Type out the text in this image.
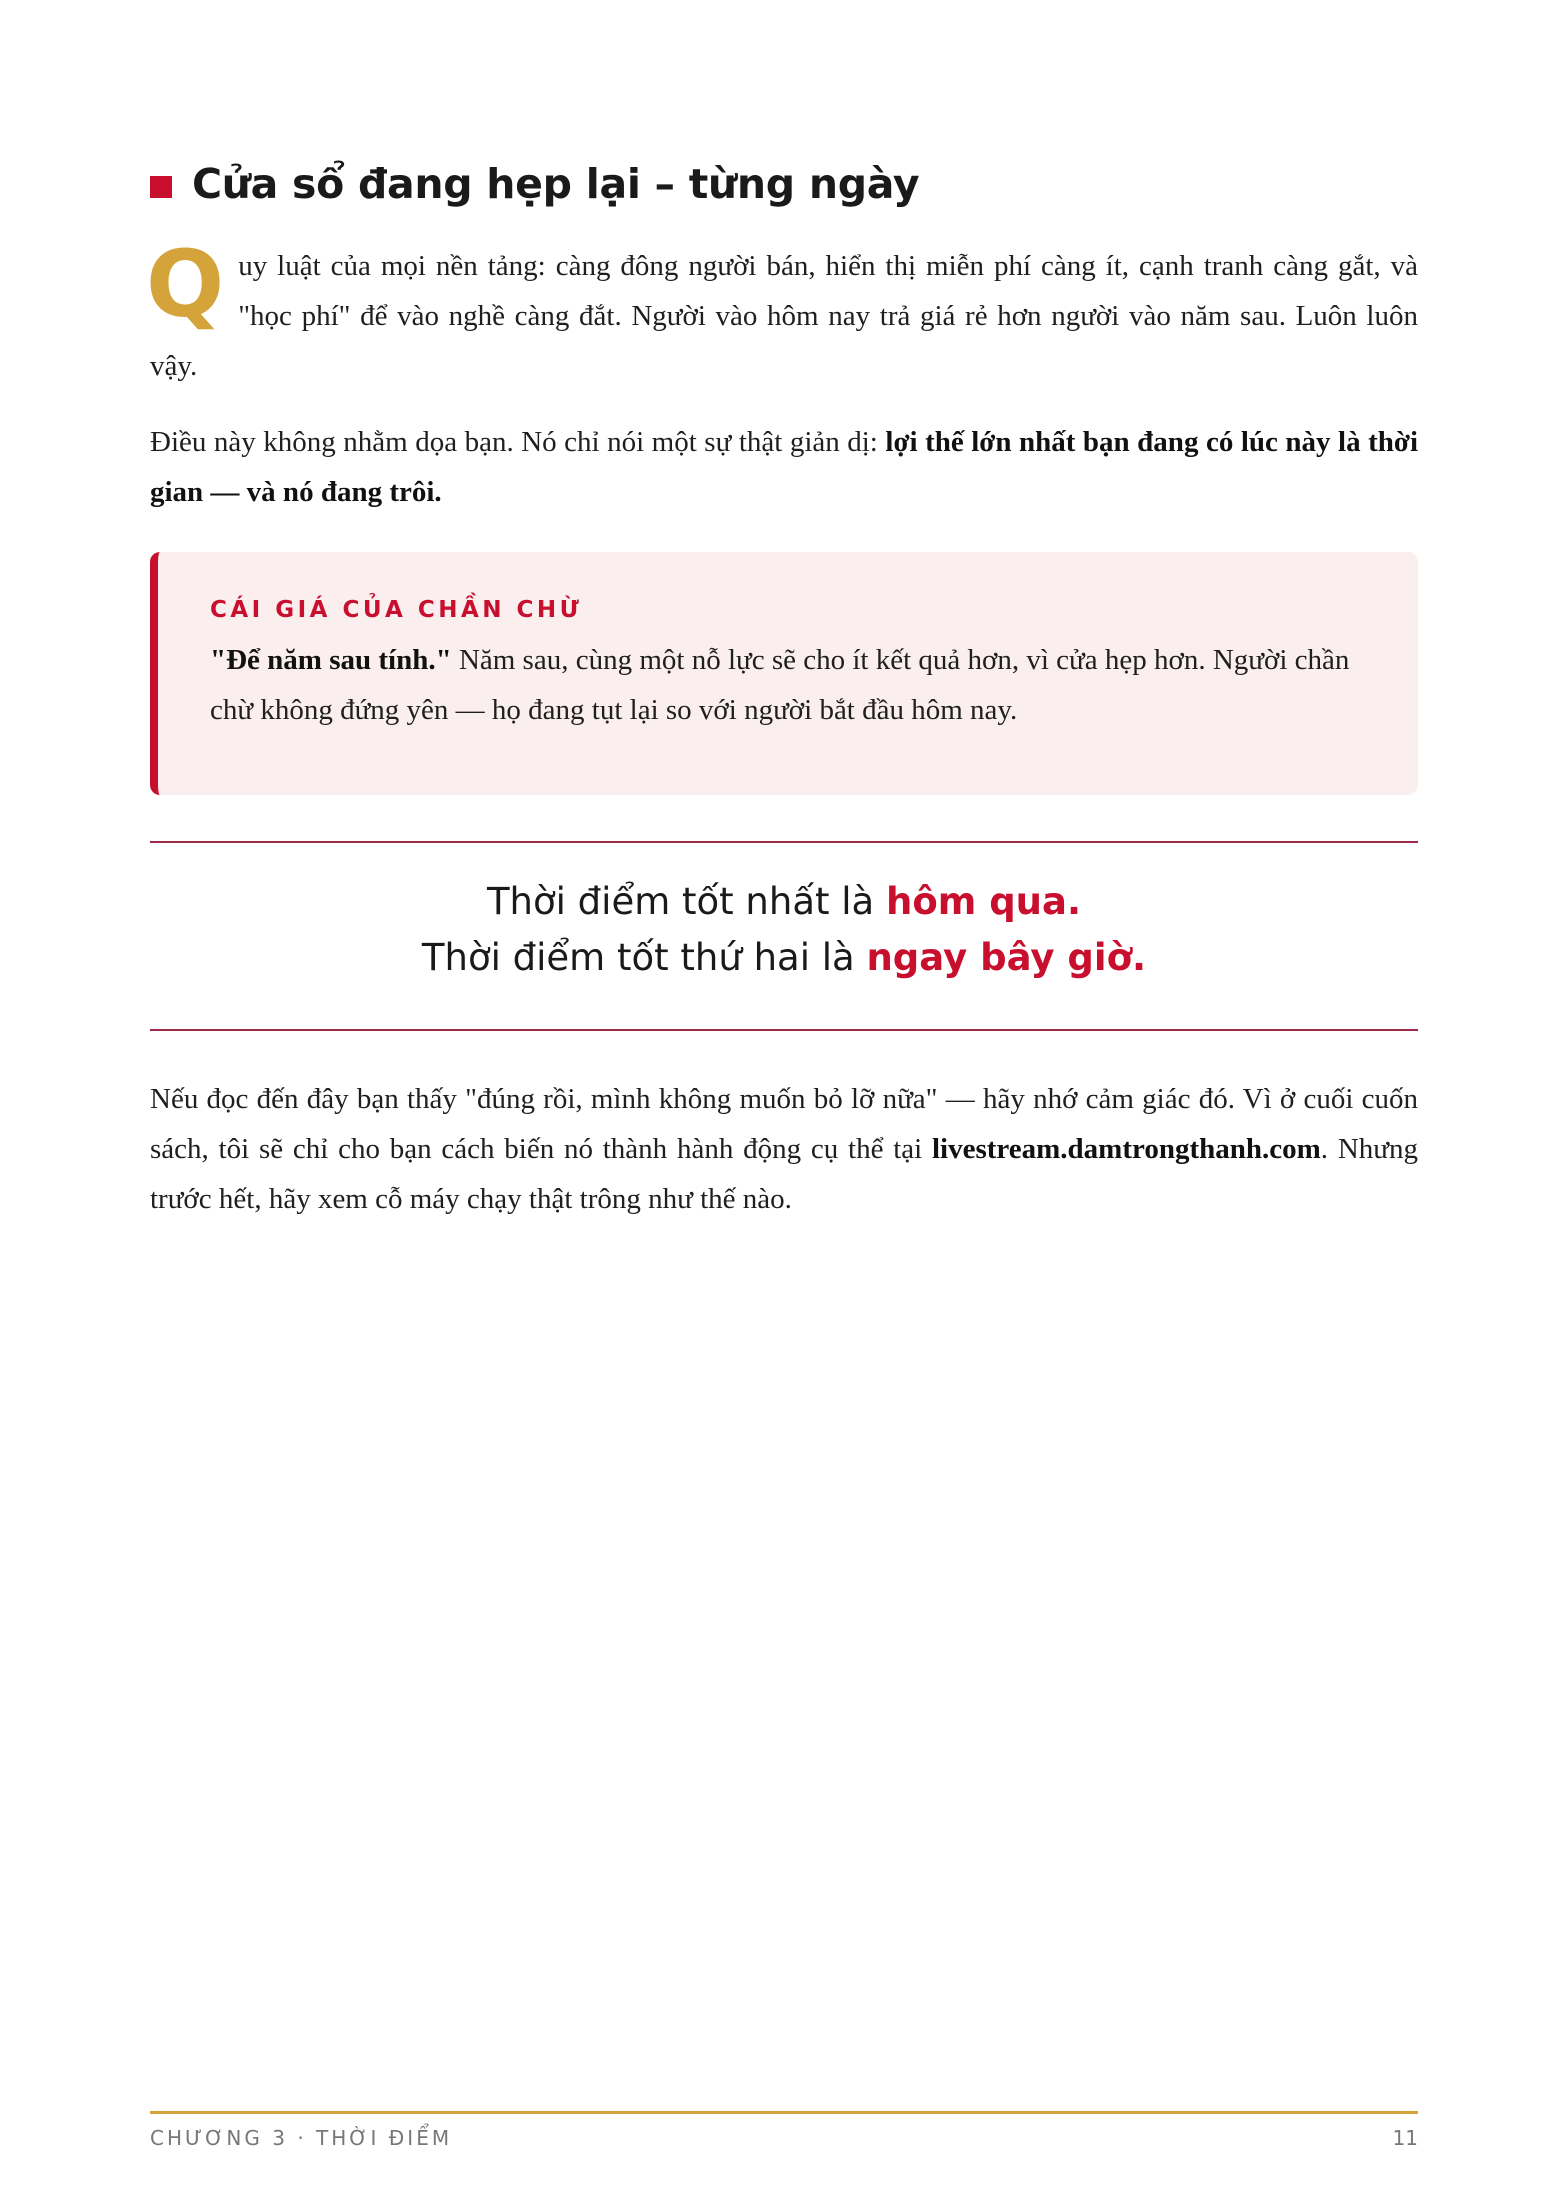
Cửa sổ đang hẹp lại – từng ngày

Quy luật của mọi nền tảng: càng đông người bán, hiển thị miễn phí càng ít, cạnh tranh càng gắt, và "học phí" để vào nghề càng đắt. Người vào hôm nay trả giá rẻ hơn người vào năm sau. Luôn luôn vậy.

Điều này không nhằm dọa bạn. Nó chỉ nói một sự thật giản dị: lợi thế lớn nhất bạn đang có lúc này là thời gian — và nó đang trôi.

CÁI GIÁ CỦA CHẦN CHỪ

"Để năm sau tính." Năm sau, cùng một nỗ lực sẽ cho ít kết quả hơn, vì cửa hẹp hơn. Người chần chừ không đứng yên — họ đang tụt lại so với người bắt đầu hôm nay.

Thời điểm tốt nhất là hôm qua.
Thời điểm tốt thứ hai là ngay bây giờ.

Nếu đọc đến đây bạn thấy "đúng rồi, mình không muốn bỏ lỡ nữa" — hãy nhớ cảm giác đó. Vì ở cuối cuốn sách, tôi sẽ chỉ cho bạn cách biến nó thành hành động cụ thể tại livestream.damtrongthanh.com. Nhưng trước hết, hãy xem cỗ máy chạy thật trông như thế nào.

CHƯƠNG 3 · THỜI ĐIỂM	11
